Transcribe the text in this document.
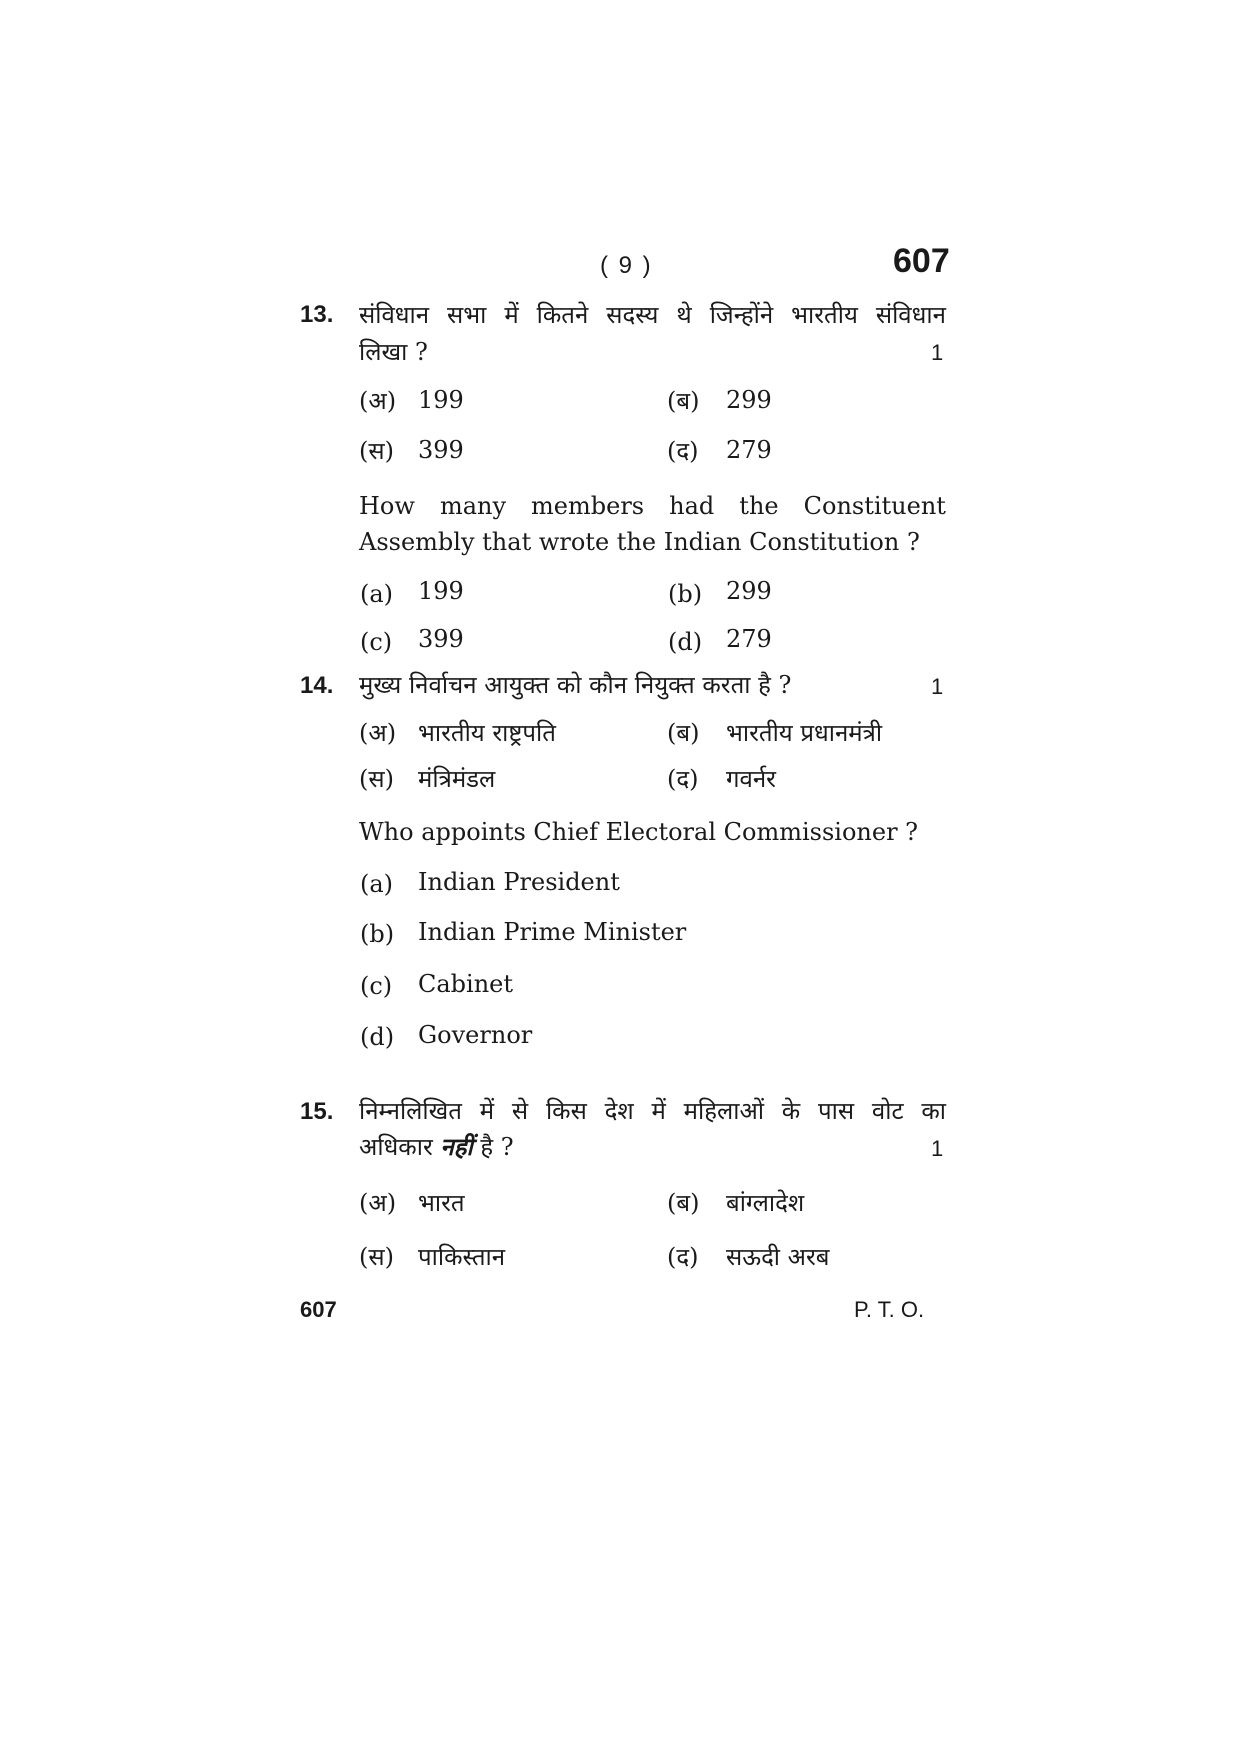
( 9 )	607
13. संविधान सभा में कितने सदस्य थे जिन्होंने भारतीय संविधान
लिखा ?	1
(अ) 199	(ब) 299
(स) 399	(द) 279
How many members had the Constituent
Assembly that wrote the Indian Constitution ?
(a) 199	(b) 299
(c) 399	(d) 279
14. मुख्य निर्वाचन आयुक्त को कौन नियुक्त करता है ?	1
(अ) भारतीय राष्ट्रपति	(ब) भारतीय प्रधानमंत्री
(स) मंत्रिमंडल	(द) गवर्नर
Who appoints Chief Electoral Commissioner ?
(a) Indian President
(b) Indian Prime Minister
(c) Cabinet
(d) Governor
15. निम्नलिखित में से किस देश में महिलाओं के पास वोट का
अधिकार नहीं है ?	1
(अ) भारत	(ब) बांग्लादेश
(स) पाकिस्तान	(द) सऊदी अरब
607	P. T. O.
